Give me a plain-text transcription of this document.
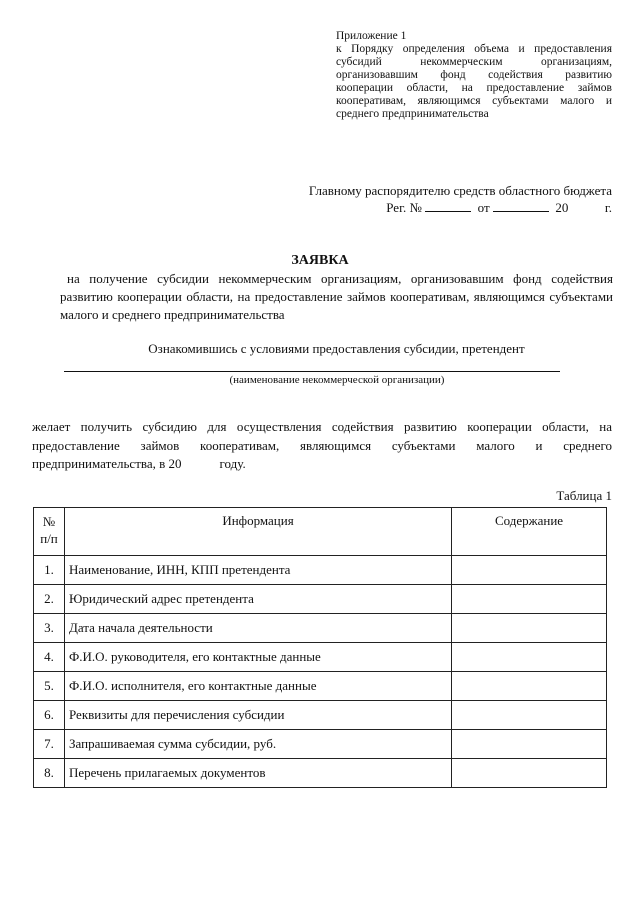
Приложение 1
к Порядку определения объема и предоставления субсидий некоммерческим организациям, организовавшим фонд содействия развитию кооперации области, на предоставление займов кооперативам, являющимся субъектами малого и среднего предпринимательства
Главному распорядителю средств областного бюджета
Рег. №	от	20	г.
ЗАЯВКА
на получение субсидии некоммерческим организациям, организовавшим фонд содействия развитию кооперации области, на предоставление займов кооперативам, являющимся субъектами малого и среднего предпринимательства
Ознакомившись с условиями предоставления субсидии, претендент
(наименование некоммерческой организации)
желает получить субсидию для осуществления содействия развитию кооперации области, на предоставление займов кооперативам, являющимся субъектами малого и среднего предпринимательства, в 20	году.
Таблица 1
№
п/п	Информация	Содержание
1.	Наименование, ИНН, КПП претендента	
2.	Юридический адрес претендента	
3.	Дата начала деятельности	
4.	Ф.И.О. руководителя, его контактные данные	
5.	Ф.И.О. исполнителя, его контактные данные	
6.	Реквизиты для перечисления субсидии	
7.	Запрашиваемая сумма субсидии, руб.	
8.	Перечень прилагаемых документов	
